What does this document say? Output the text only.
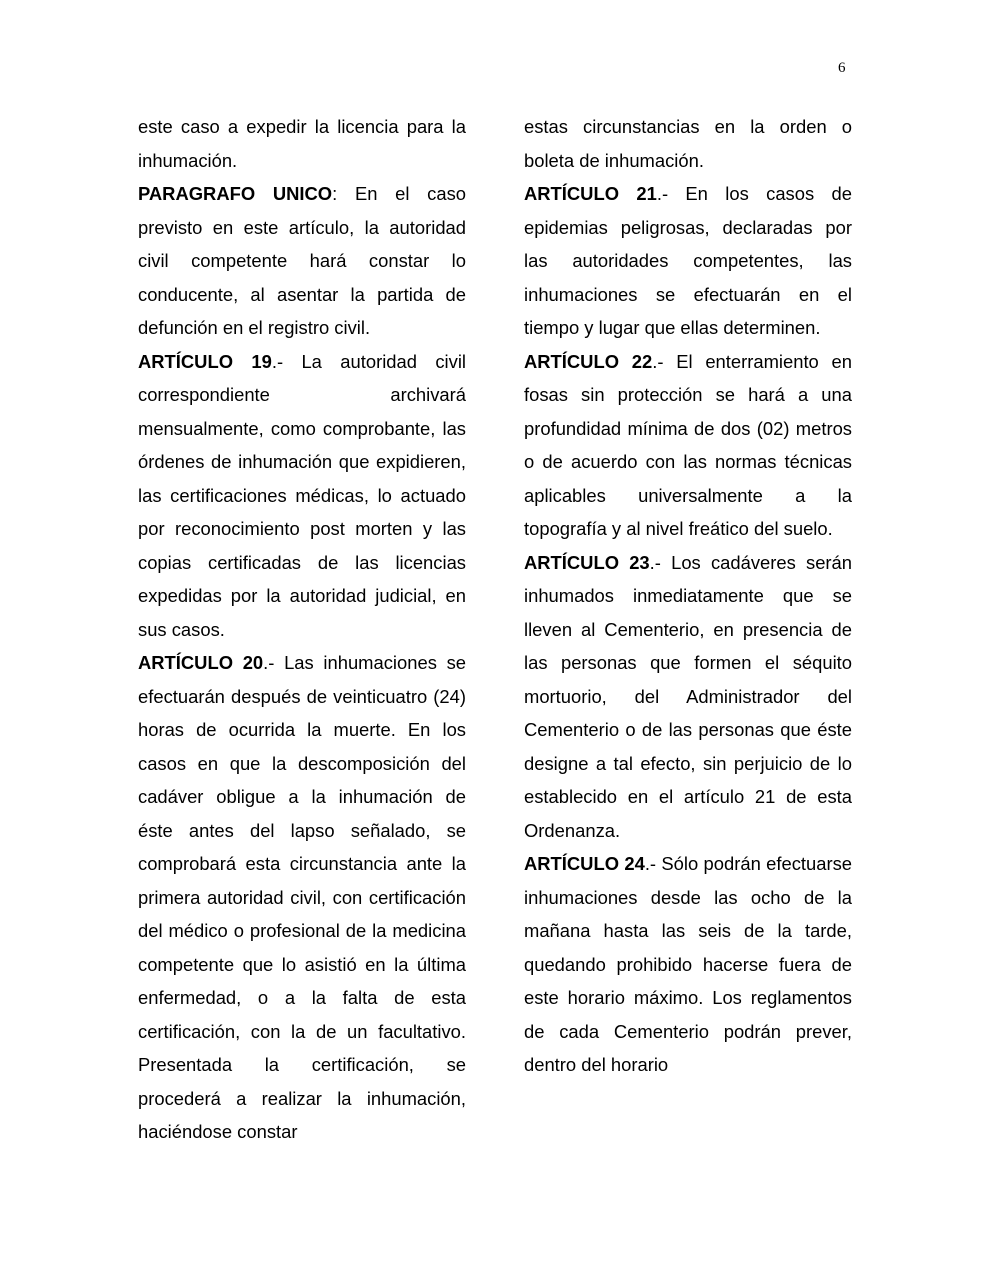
6

este caso a expedir la licencia para la inhumación.

PARAGRAFO UNICO: En el caso previsto en este artículo, la autoridad civil competente hará constar lo conducente, al asentar la partida de defunción en el registro civil.

ARTÍCULO 19.- La autoridad civil correspondiente archivará mensualmente, como comprobante, las órdenes de inhumación que expidieren, las certificaciones médicas, lo actuado por reconocimiento post morten y las copias certificadas de las licencias expedidas por la autoridad judicial, en sus casos.

ARTÍCULO 20.- Las inhumaciones se efectuarán después de veinticuatro (24) horas de ocurrida la muerte. En los casos en que la descomposición del cadáver obligue a la inhumación de éste antes del lapso señalado, se comprobará esta circunstancia ante la primera autoridad civil, con certificación del médico o profesional de la medicina competente que lo asistió en la última enfermedad, o a la falta de esta certificación, con la de un facultativo. Presentada la certificación, se procederá a realizar la inhumación, haciéndose constar

estas circunstancias en la orden o boleta de inhumación.

ARTÍCULO 21.- En los casos de epidemias peligrosas, declaradas por las autoridades competentes, las inhumaciones se efectuarán en el tiempo y lugar que ellas determinen.

ARTÍCULO 22.- El enterramiento en fosas sin protección se hará a una profundidad mínima de dos (02) metros o de acuerdo con las normas técnicas aplicables universalmente a la topografía y al nivel freático del suelo.

ARTÍCULO 23.- Los cadáveres serán inhumados inmediatamente que se lleven al Cementerio, en presencia de las personas que formen el séquito mortuorio, del Administrador del Cementerio o de las personas que éste designe a tal efecto, sin perjuicio de lo establecido en el artículo 21 de esta Ordenanza.

ARTÍCULO 24.- Sólo podrán efectuarse inhumaciones desde las ocho de la mañana hasta las seis de la tarde, quedando prohibido hacerse fuera de este horario máximo. Los reglamentos de cada Cementerio podrán prever, dentro del horario
